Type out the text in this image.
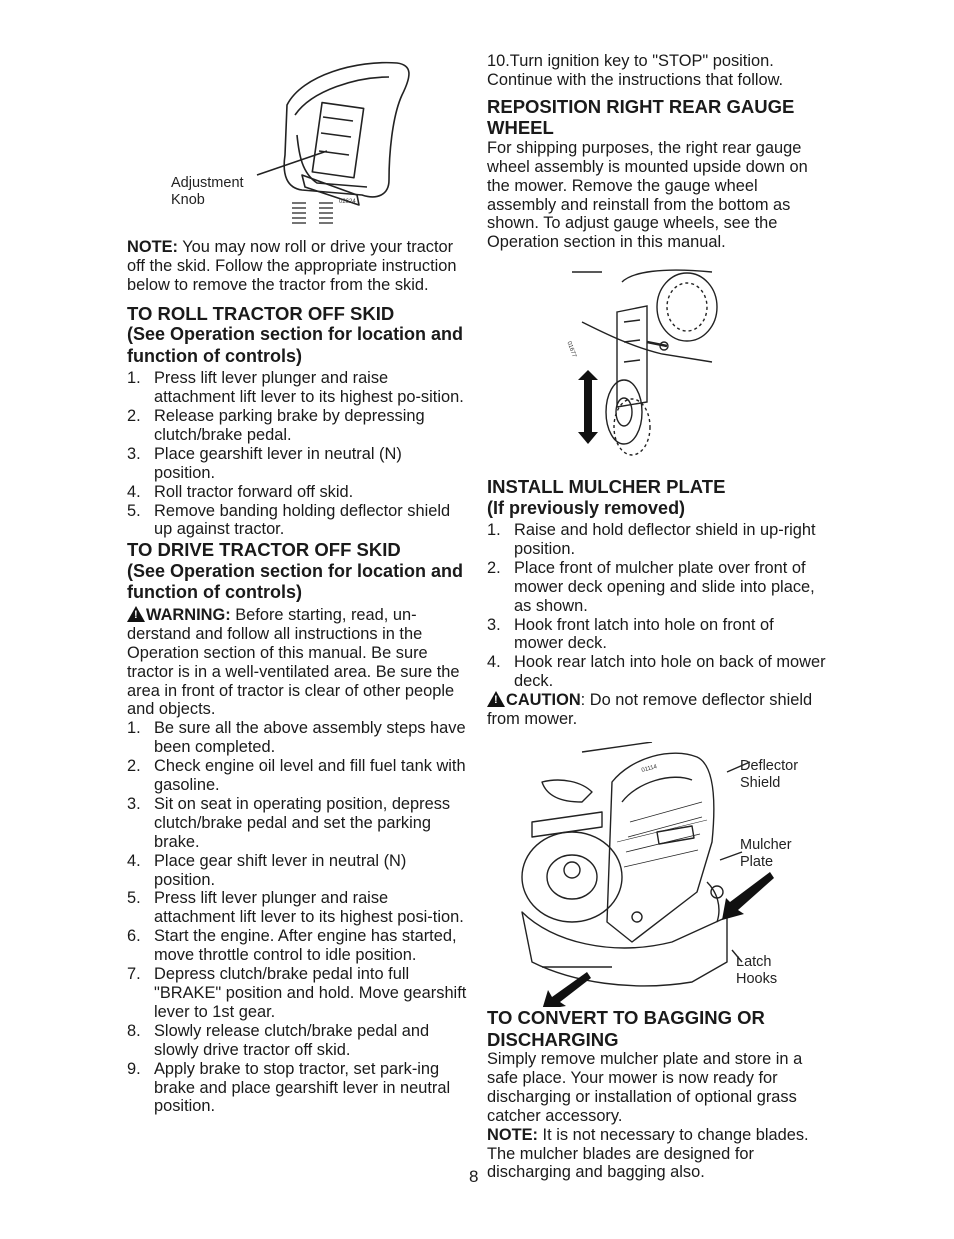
02624
Adjustment
Knob

NOTE: You may now roll or drive your tractor off the skid. Follow the appropriate instruction below to remove the tractor from the skid.

TO ROLL TRACTOR OFF SKID

(See Operation section for location and function of controls)

1. Press lift lever plunger and raise attachment lift lever to its highest po-sition.
2. Release parking brake by depressing clutch/brake pedal.
3. Place gearshift lever in neutral (N) position.
4. Roll tractor forward off skid.
5. Remove banding holding deflector shield up against tractor.

TO DRIVE TRACTOR OFF SKID

(See Operation section for location and function of controls)

!WARNING: Before starting, read, un-derstand and follow all instructions in the Operation section of this manual. Be sure tractor is in a well-ventilated area. Be sure the area in front of tractor is clear of other people and objects.

1. Be sure all the above assembly steps have been completed.
2. Check engine oil level and fill fuel tank with gasoline.
3. Sit on seat in operating position, depress clutch/brake pedal and set the parking brake.
4. Place gear shift lever in neutral (N) position.
5. Press lift lever plunger and raise attachment lift lever to its highest posi-tion.
6. Start the engine. After engine has started, move throttle control to idle position.
7. Depress clutch/brake pedal into full "BRAKE" position and hold. Move gearshift lever to 1st gear.
8. Slowly release clutch/brake pedal and slowly drive tractor off skid.
9. Apply brake to stop tractor, set park-ing brake and place gearshift lever in neutral position.
10.Turn ignition key to "STOP" position. Continue with the instructions that follow.

REPOSITION RIGHT REAR GAUGE WHEEL

For shipping purposes, the right rear gauge wheel assembly is mounted upside down on the mower. Remove the gauge wheel assembly and reinstall from the bottom as shown. To adjust gauge wheels, see the Operation section in this manual.

01677

INSTALL MULCHER PLATE

(If previously removed)

1. Raise and hold deflector shield in up-right position.
2. Place front of mulcher plate over front of mower deck opening and slide into place, as shown.
3. Hook front latch into hole on front of mower deck.
4. Hook rear latch into hole on back of mower deck.

!CAUTION: Do not remove deflector shield from mower.

01114	Deflector
Shield
Mulcher
Plate
Latch
Hooks

TO CONVERT TO BAGGING OR DISCHARGING

Simply remove mulcher plate and store in a safe place. Your mower is now ready for discharging or installation of optional grass catcher accessory.

NOTE: It is not necessary to change blades. The mulcher blades are designed for discharging and bagging also.

8
